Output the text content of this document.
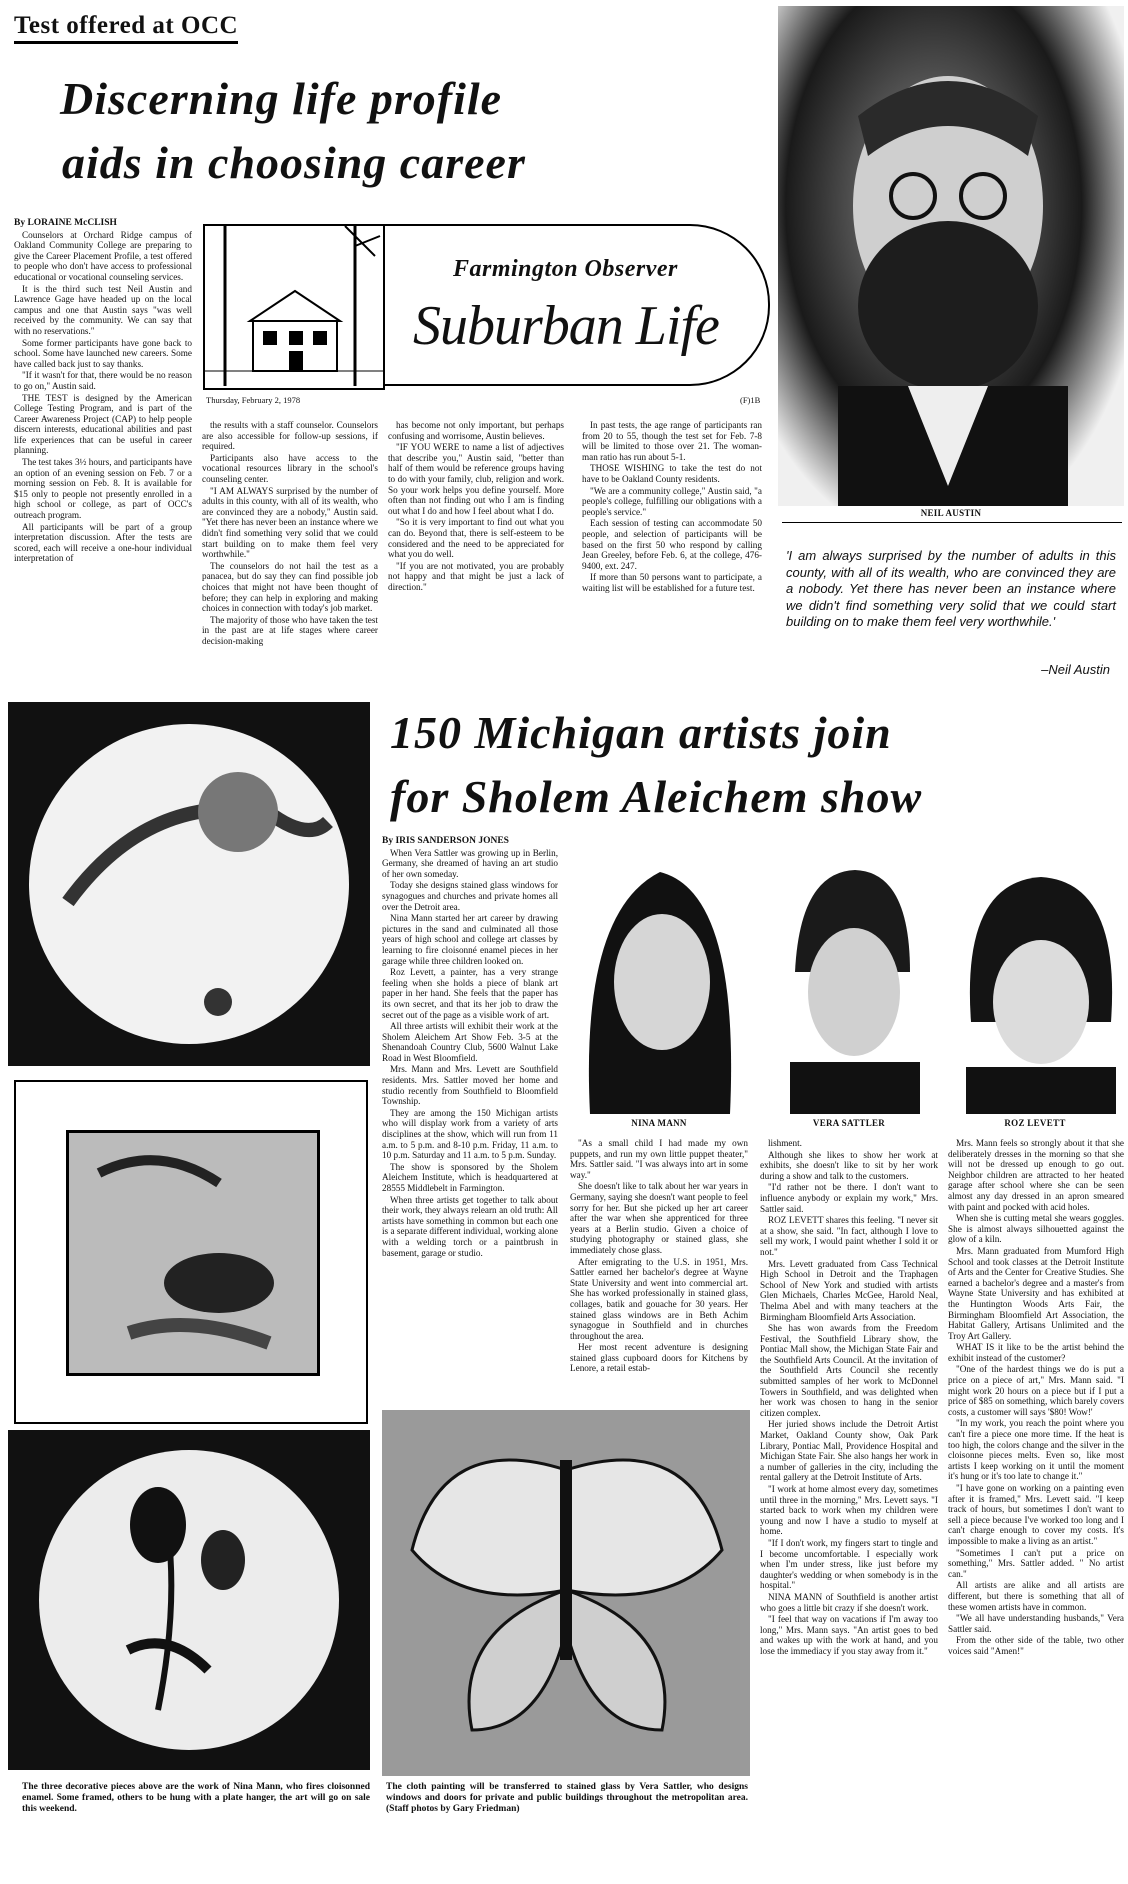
Test offered at OCC
Discerning life profile
aids in choosing career
NEIL AUSTIN
'I am always surprised by the number of adults in this county, with all of its wealth, who are convinced they are a nobody. Yet there has never been an instance where we didn't find something very solid that we could start building on to make them feel very worthwhile.'
–Neil Austin
Farmington Observer
Suburban Life
Thursday, February 2, 1978	(F)1B

By LORAINE McCLISH

Counselors at Orchard Ridge campus of Oakland Community College are preparing to give the Career Placement Profile, a test offered to people who don't have access to professional educational or vocational counseling services.

It is the third such test Neil Austin and Lawrence Gage have headed up on the local campus and one that Austin says "was well received by the community. We can say that with no reservations."

Some former participants have gone back to school. Some have launched new careers. Some have called back just to say thanks.

"If it wasn't for that, there would be no reason to go on," Austin said.

THE TEST is designed by the American College Testing Program, and is part of the Career Awareness Project (CAP) to help people discern interests, educational abilities and past life experiences that can be useful in career planning.

The test takes 3½ hours, and participants have an option of an evening session on Feb. 7 or a morning session on Feb. 8. It is available for $15 only to people not presently enrolled in a high school or college, as part of OCC's outreach program.

All participants will be part of a group interpretation discussion. After the tests are scored, each will receive a one-hour individual interpretation of

the results with a staff counselor. Counselors are also accessible for follow-up sessions, if required.

Participants also have access to the vocational resources library in the school's counseling center.

"I AM ALWAYS surprised by the number of adults in this county, with all of its wealth, who are convinced they are a nobody," Austin said. "Yet there has never been an instance where we didn't find something very solid that we could start building on to make them feel very worthwhile."

The counselors do not hail the test as a panacea, but do say they can find possible job choices that might not have been thought of before; they can help in exploring and making choices in connection with today's job market.

The majority of those who have taken the test in the past are at life stages where career decision-making

has become not only important, but perhaps confusing and worrisome, Austin believes.

"IF YOU WERE to name a list of adjectives that describe you," Austin said, "better than half of them would be reference groups having to do with your family, club, religion and work. So your work helps you define yourself. More often than not finding out who I am is finding out what I do and how I feel about what I do.

"So it is very important to find out what you can do. Beyond that, there is self-esteem to be considered and the need to be appreciated for what you do well.

"If you are not motivated, you are probably not happy and that might be just a lack of direction."

In past tests, the age range of participants ran from 20 to 55, though the test set for Feb. 7-8 will be limited to those over 21. The woman-man ratio has run about 5-1.

THOSE WISHING to take the test do not have to be Oakland County residents.

"We are a community college," Austin said, "a people's college, fulfilling our obligations with a people's service."

Each session of testing can accommodate 50 people, and selection of participants will be based on the first 50 who respond by calling Jean Greeley, before Feb. 6, at the college, 476-9400, ext. 247.

If more than 50 persons want to participate, a waiting list will be established for a future test.

The three decorative pieces above are the work of Nina Mann, who fires cloisonned enamel. Some framed, others to be hung with a plate hanger, the art will go on sale this weekend.
150 Michigan artists join
for Sholem Aleichem show

By IRIS SANDERSON JONES

When Vera Sattler was growing up in Berlin, Germany, she dreamed of having an art studio of her own someday.

Today she designs stained glass windows for synagogues and churches and private homes all over the Detroit area.

Nina Mann started her art career by drawing pictures in the sand and culminated all those years of high school and college art classes by learning to fire cloisonné enamel pieces in her garage while three children looked on.

Roz Levett, a painter, has a very strange feeling when she holds a piece of blank art paper in her hand. She feels that the paper has its own secret, and that its her job to draw the secret out of the page as a visible work of art.

All three artists will exhibit their work at the Sholem Aleichem Art Show Feb. 3-5 at the Shenandoah Country Club, 5600 Walnut Lake Road in West Bloomfield.

Mrs. Mann and Mrs. Levett are Southfield residents. Mrs. Sattler moved her home and studio recently from Southfield to Bloomfield Township.

They are among the 150 Michigan artists who will display work from a variety of arts disciplines at the show, which will run from 11 a.m. to 5 p.m. and 8-10 p.m. Friday, 11 a.m. to 10 p.m. Saturday and 11 a.m. to 5 p.m. Sunday.

The show is sponsored by the Sholem Aleichem Institute, which is headquartered at 28555 Middlebelt in Farmington.

When three artists get together to talk about their work, they always relearn an old truth: All artists have something in common but each one is a separate different individual, working alone with a welding torch or a paintbrush in basement, garage or studio.

NINA MANN	VERA SATTLER	ROZ LEVETT

"As a small child I had made my own puppets, and run my own little puppet theater," Mrs. Sattler said. "I was always into art in some way."

She doesn't like to talk about her war years in Germany, saying she doesn't want people to feel sorry for her. But she picked up her art career after the war when she apprenticed for three years at a Berlin studio. Given a choice of studying photography or stained glass, she immediately chose glass.

After emigrating to the U.S. in 1951, Mrs. Sattler earned her bachelor's degree at Wayne State University and went into commercial art. She has worked professionally in stained glass, collages, batik and gouache for 30 years. Her stained glass windows are in Beth Achim synagogue in Southfield and in churches throughout the area.

Her most recent adventure is designing stained glass cupboard doors for Kitchens by Lenore, a retail estab-

lishment.

Although she likes to show her work at exhibits, she doesn't like to sit by her work during a show and talk to the customers.

"I'd rather not be there. I don't want to influence anybody or explain my work," Mrs. Sattler said.

ROZ LEVETT shares this feeling. "I never sit at a show, she said. "In fact, although I love to sell my work, I would paint whether I sold it or not."

Mrs. Levett graduated from Cass Technical High School in Detroit and the Traphagen School of New York and studied with artists Glen Michaels, Charles McGee, Harold Neal, Thelma Abel and with many teachers at the Birmingham Bloomfield Arts Association.

She has won awards from the Freedom Festival, the Southfield Library show, the Pontiac Mall show, the Michigan State Fair and the Southfield Arts Council. At the invitation of the Southfield Arts Council she recently submitted samples of her work to McDonnel Towers in Southfield, and was delighted when her work was chosen to hang in the senior citizen complex.

Her juried shows include the Detroit Artist Market, Oakland County show, Oak Park Library, Pontiac Mall, Providence Hospital and Michigan State Fair. She also hangs her work in a number of galleries in the city, including the rental gallery at the Detroit Institute of Arts.

"I work at home almost every day, sometimes until three in the morning," Mrs. Levett says. "I started back to work when my children were young and now I have a studio to myself at home.

"If I don't work, my fingers start to tingle and I become uncomfortable. I especially work when I'm under stress, like just before my daughter's wedding or when somebody is in the hospital."

NINA MANN of Southfield is another artist who goes a little bit crazy if she doesn't work.

"I feel that way on vacations if I'm away too long," Mrs. Mann says. "An artist goes to bed and wakes up with the work at hand, and you lose the immediacy if you stay away from it."

Mrs. Mann feels so strongly about it that she deliberately dresses in the morning so that she will not be dressed up enough to go out. Neighbor children are attracted to her heated garage after school where she can be seen almost any day dressed in an apron smeared with paint and pocked with acid holes.

When she is cutting metal she wears goggles. She is almost always silhouetted against the glow of a kiln.

Mrs. Mann graduated from Mumford High School and took classes at the Detroit Institute of Arts and the Center for Creative Studies. She earned a bachelor's degree and a master's from Wayne State University and has exhibited at the Huntington Woods Arts Fair, the Birmingham Bloomfield Art Association, the Habitat Gallery, Artisans Unlimited and the Troy Art Gallery.

WHAT IS it like to be the artist behind the exhibit instead of the customer?

"One of the hardest things we do is put a price on a piece of art," Mrs. Mann said. "I might work 20 hours on a piece but if I put a price of $85 on something, which barely covers costs, a customer will says '$80! Wow!'

"In my work, you reach the point where you can't fire a piece one more time. If the heat is too high, the colors change and the silver in the cloisonne pieces melts. Even so, like most artists I keep working on it until the moment it's hung or it's too late to change it."

"I have gone on working on a painting even after it is framed," Mrs. Levett said. "I keep track of hours, but sometimes I don't want to sell a piece because I've worked too long and I can't charge enough to cover my costs. It's impossible to make a living as an artist."

"Sometimes I can't put a price on something," Mrs. Sattler added. " No artist can."

All artists are alike and all artists are different, but there is something that all of these women artists have in common.

"We all have understanding husbands," Vera Sattler said.

From the other side of the table, two other voices said "Amen!"

The cloth painting will be transferred to stained glass by Vera Sattler, who designs windows and doors for private and public buildings throughout the metropolitan area. (Staff photos by Gary Friedman)
